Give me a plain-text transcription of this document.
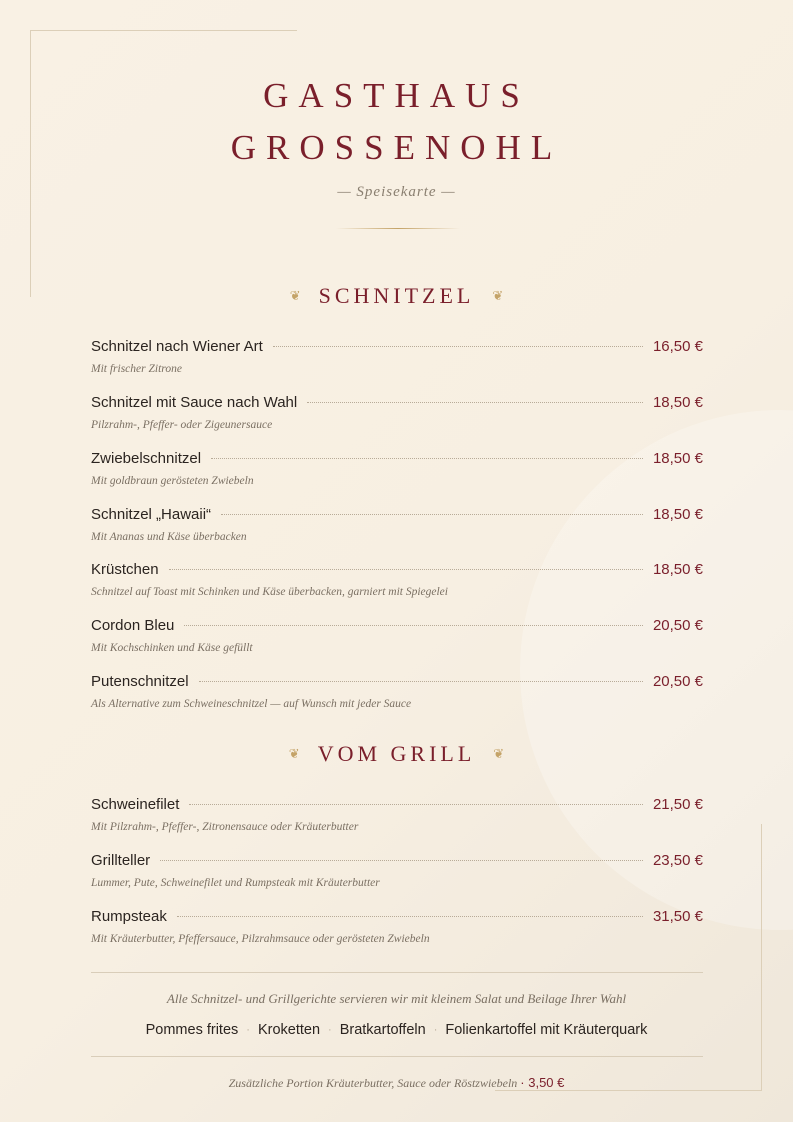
GASTHAUS
GROSSENOHL
— Speisekarte —
❦ SCHNITZEL ❦
Schnitzel nach Wiener Art	16,50 €
Mit frischer Zitrone
Schnitzel mit Sauce nach Wahl	18,50 €
Pilzrahm-, Pfeffer- oder Zigeunersauce
Zwiebelschnitzel	18,50 €
Mit goldbraun gerösteten Zwiebeln
Schnitzel „Hawaii“	18,50 €
Mit Ananas und Käse überbacken
Krüstchen	18,50 €
Schnitzel auf Toast mit Schinken und Käse überbacken, garniert mit Spiegelei
Cordon Bleu	20,50 €
Mit Kochschinken und Käse gefüllt
Putenschnitzel	20,50 €
Als Alternative zum Schweineschnitzel — auf Wunsch mit jeder Sauce
❦ VOM GRILL ❦
Schweinefilet	21,50 €
Mit Pilzrahm-, Pfeffer-, Zitronensauce oder Kräuterbutter
Grillteller	23,50 €
Lummer, Pute, Schweinefilet und Rumpsteak mit Kräuterbutter
Rumpsteak	31,50 €
Mit Kräuterbutter, Pfeffersauce, Pilzrahmsauce oder gerösteten Zwiebeln
Alle Schnitzel- und Grillgerichte servieren wir mit kleinem Salat und Beilage Ihrer Wahl
Pommes frites · Kroketten · Bratkartoffeln · Folienkartoffel mit Kräuterquark
Zusätzliche Portion Kräuterbutter, Sauce oder Röstzwiebeln · 3,50 €
